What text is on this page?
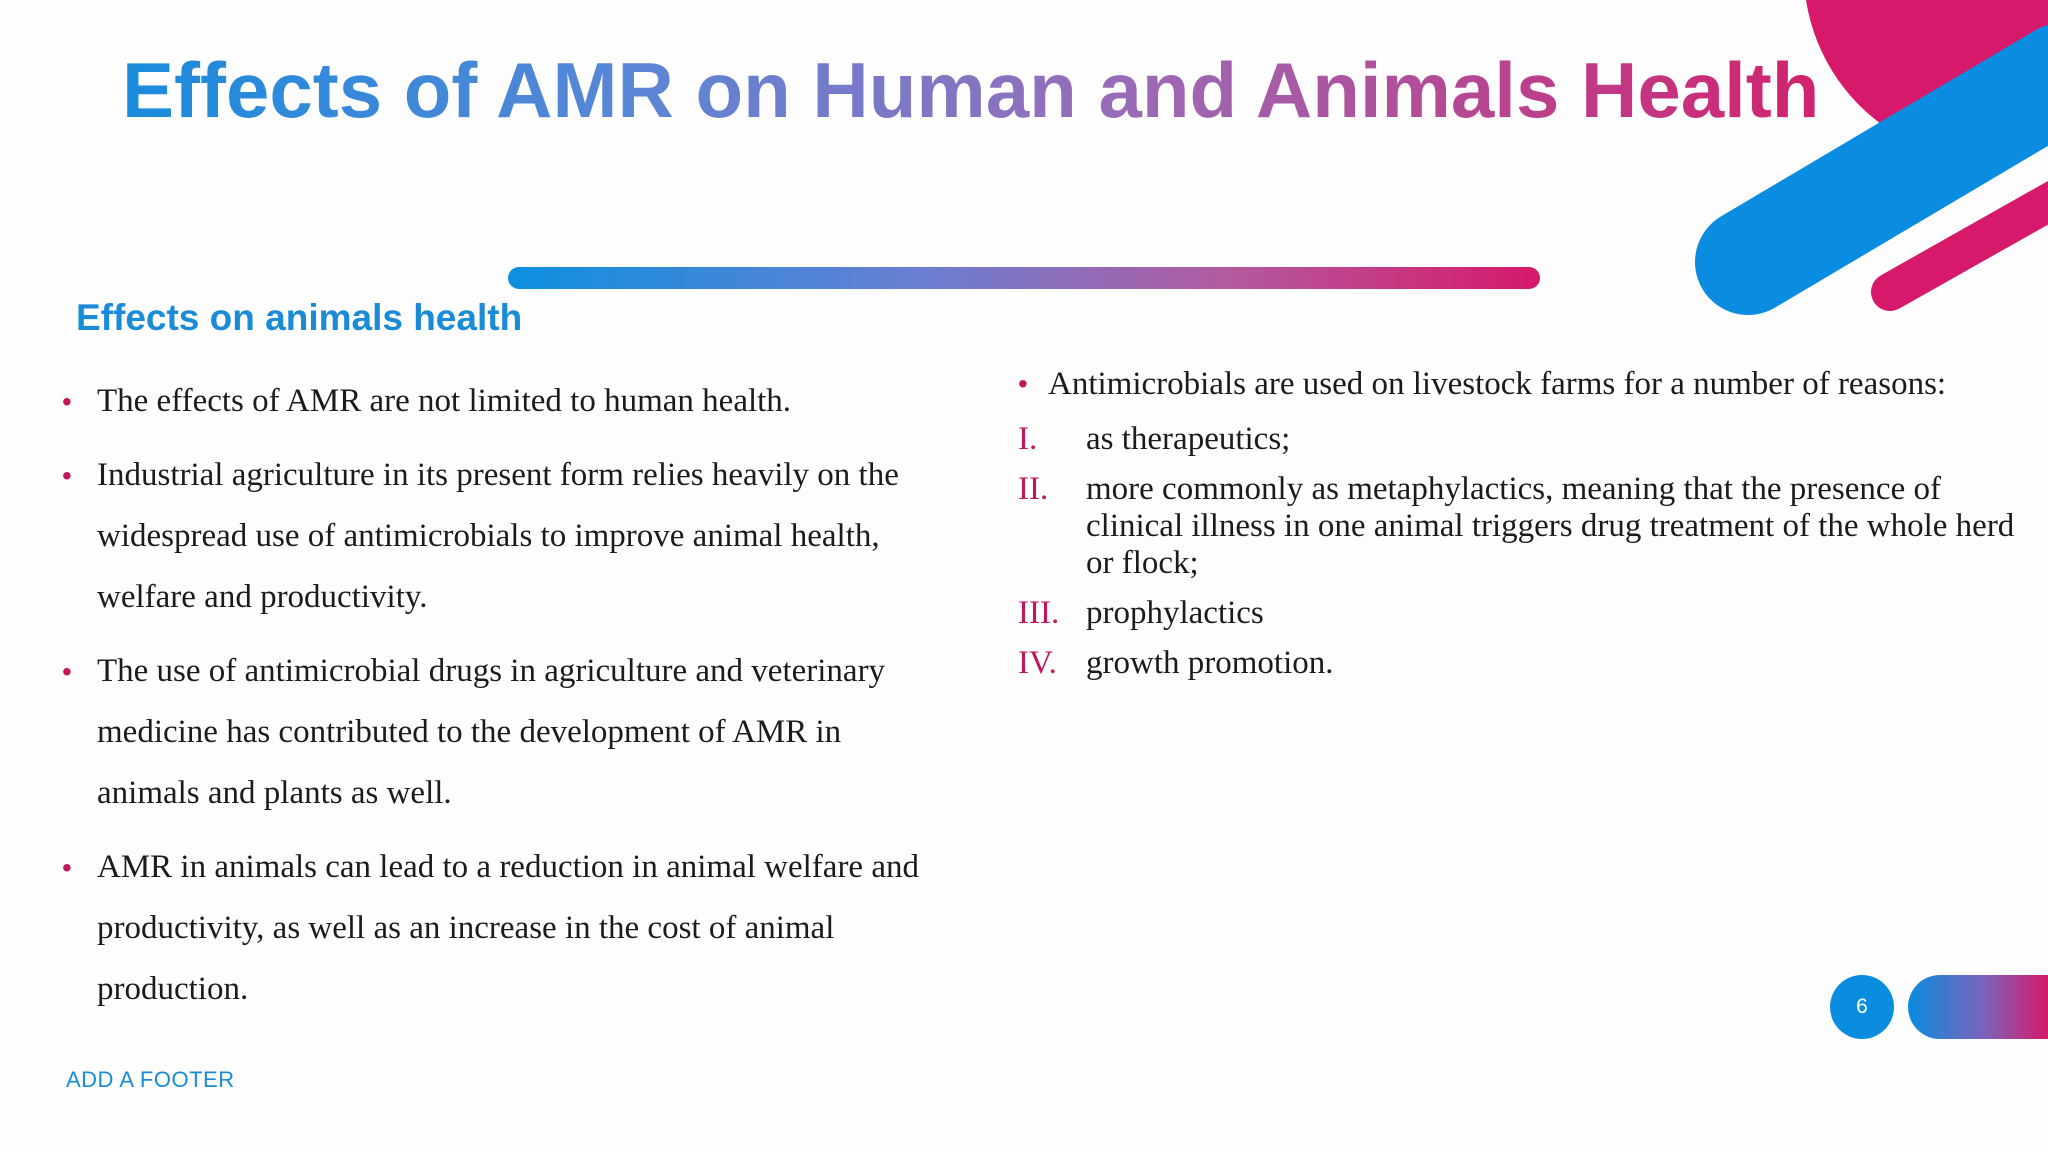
Effects of AMR on Human and Animals Health
Effects on animals health
• The effects of AMR are not limited to human health.
• Industrial agriculture in its present form relies heavily on the widespread use of antimicrobials to improve animal health, welfare and productivity.
• The use of antimicrobial drugs in agriculture and veterinary medicine has contributed to the development of AMR in animals and plants as well.
• AMR in animals can lead to a reduction in animal welfare and productivity, as well as an increase in the cost of animal production.
• Antimicrobials are used on livestock farms for a number of reasons:
I. as therapeutics;
II. more commonly as metaphylactics, meaning that the presence of clinical illness in one animal triggers drug treatment of the whole herd or flock;
III. prophylactics
IV. growth promotion.
ADD A FOOTER
6
